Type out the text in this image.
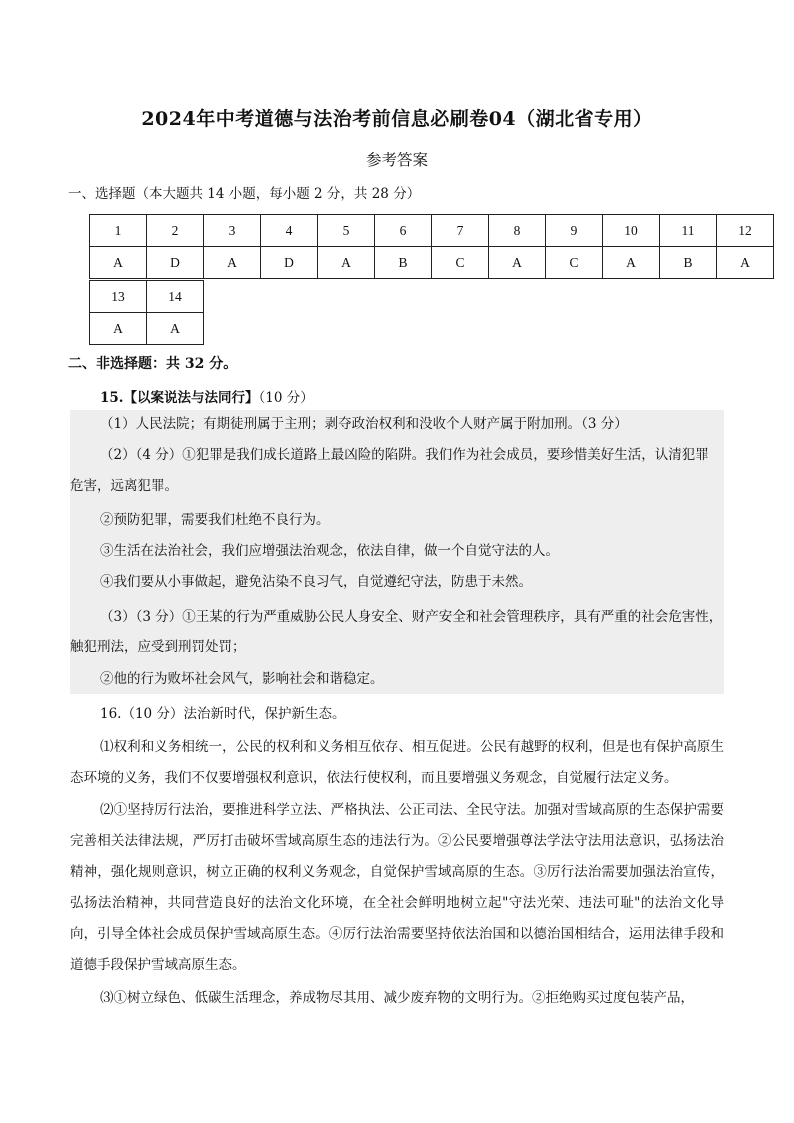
2024年中考道德与法治考前信息必刷卷04（湖北省专用）
参考答案
一、选择题（本大题共 14 小题，每小题 2 分，共 28 分）
1	2	3	4	5	6	7	8	9	10	11	12
A	D	A	D	A	B	C	A	C	A	B	A
13	14
A	A
二、非选择题：共 32 分。
15.【以案说法与法同行】（10 分）
（1）人民法院；有期徒刑属于主刑；剥夺政治权利和没收个人财产属于附加刑。（3 分）
（2）（4 分）①犯罪是我们成长道路上最凶险的陷阱。我们作为社会成员，要珍惜美好生活，认清犯罪
危害，远离犯罪。
②预防犯罪，需要我们杜绝不良行为。
③生活在法治社会，我们应增强法治观念，依法自律，做一个自觉守法的人。
④我们要从小事做起，避免沾染不良习气，自觉遵纪守法，防患于未然。
（3）（3 分）①王某的行为严重威胁公民人身安全、财产安全和社会管理秩序，具有严重的社会危害性，
触犯刑法，应受到刑罚处罚；
②他的行为败坏社会风气，影响社会和谐稳定。
16.（10 分）法治新时代，保护新生态。
⑴权利和义务相统一，公民的权利和义务相互依存、相互促进。公民有越野的权利，但是也有保护高原生态环境的义务，我们不仅要增强权利意识，依法行使权利，而且要增强义务观念，自觉履行法定义务。
⑵①坚持厉行法治，要推进科学立法、严格执法、公正司法、全民守法。加强对雪域高原的生态保护需要完善相关法律法规，严厉打击破坏雪域高原生态的违法行为。②公民要增强尊法学法守法用法意识，弘扬法治精神，强化规则意识，树立正确的权利义务观念，自觉保护雪域高原的生态。③厉行法治需要加强法治宣传，弘扬法治精神，共同营造良好的法治文化环境，在全社会鲜明地树立起"守法光荣、违法可耻"的法治文化导向，引导全体社会成员保护雪域高原生态。④厉行法治需要坚持依法治国和以德治国相结合，运用法律手段和道德手段保护雪域高原生态。
⑶①树立绿色、低碳生活理念，养成物尽其用、减少废弃物的文明行为。②拒绝购买过度包装产品，
